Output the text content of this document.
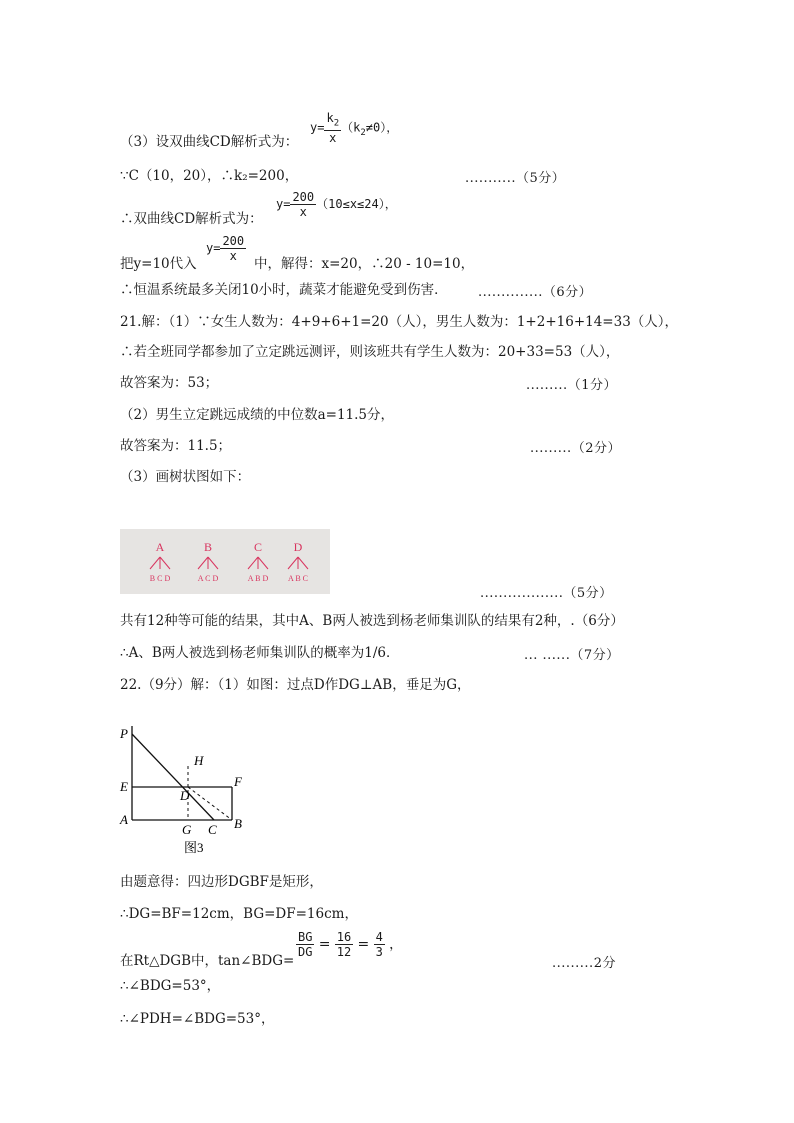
（3）设双曲线CD解析式为：
$y= \frac{k_2}{x} (k_2\ne 0)$，
∵C（10，20），∴k₂=200，	...........（5分）
∴双曲线CD解析式为：
$y= \frac{200}{x} (10\le x\le 24)$，
把y=10代入
$y= \frac{200}{x}$
中，解得：x=20，∴20 - 10=10，
∴恒温系统最多关闭10小时，蔬菜才能避免受到伤害． ..............（6分）
21.解：（1）∵女生人数为：4+9+6+1=20（人），男生人数为：1+2+16+14=33（人），
∴若全班同学都参加了立定跳远测评，则该班共有学生人数为：20+33=53（人），
故答案为：53；	.........（1分）
（2）男生立定跳远成绩的中位数a=11.5分，
故答案为：11.5；	.........（2分）
（3）画树状图如下：
A
B C D
B
A C D
C
A B D
D
A B C
..................（5分）
共有12种等可能的结果，其中A、B两人被选到杨老师集训队的结果有2种，.（6分）
∴A、B两人被选到杨老师集训队的概率为1/6．	... ......（7分）
22.（9分）解：（1）如图：过点D作DG⊥AB，垂足为G，
P
H
E
D
F
A
G C B
图3
由题意得：四边形DGBF是矩形，
∴DG=BF=12cm，BG=DF=16cm，
在Rt△DGB中，tan∠BDG=
$\frac{BG}{DG} = \frac{16}{12} = \frac{4}{3}$ ，
.........2分
∴∠BDG=53°，
∴∠PDH=∠BDG=53°，
